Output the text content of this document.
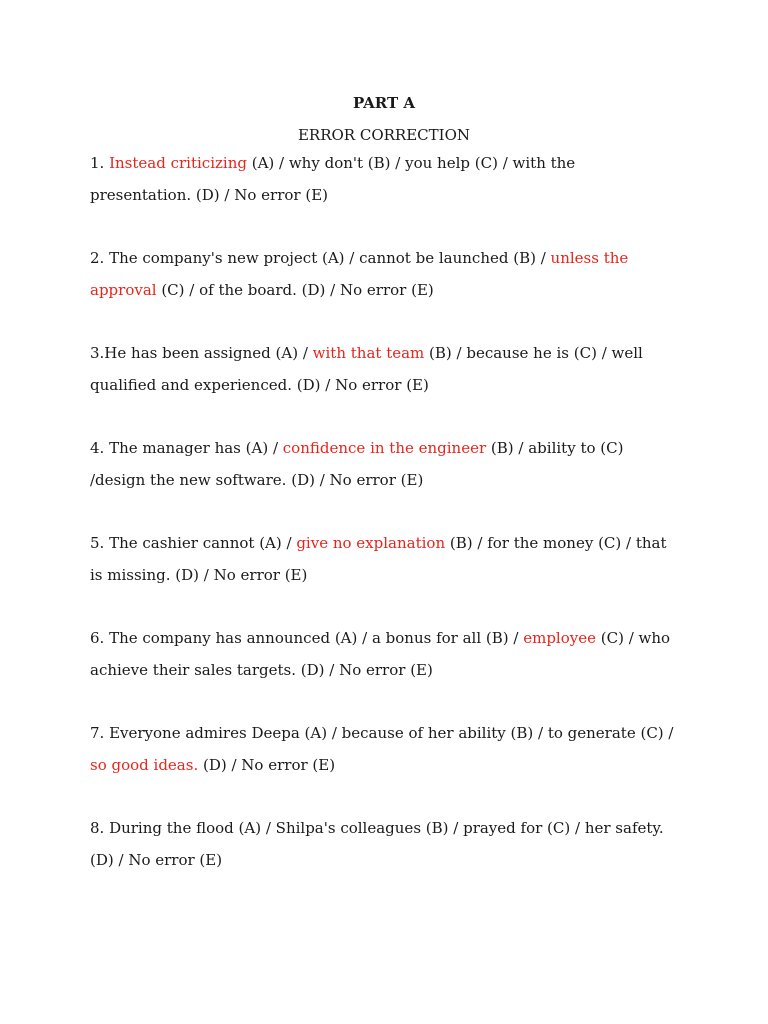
PART A

ERROR CORRECTION

1. Instead criticizing (A) / why don't (B) / you help (C) / with the presentation. (D) / No error (E)

2. The company's new project (A) / cannot be launched (B) / unless the approval (C) / of the board. (D) / No error (E)

3.He has been assigned (A) / with that team (B) / because he is (C) / well qualified and experienced. (D) / No error (E)

4. The manager has (A) / confidence in the engineer (B) / ability to (C) /design the new software. (D) / No error (E)

5. The cashier cannot (A) / give no explanation (B) / for the money (C) / that is missing. (D) / No error (E)

6. The company has announced (A) / a bonus for all (B) / employee (C) / who achieve their sales targets. (D) / No error (E)

7. Everyone admires Deepa (A) / because of her ability (B) / to generate (C) / so good ideas. (D) / No error (E)

8. During the flood (A) / Shilpa's colleagues (B) / prayed for (C) / her safety. (D) / No error (E)
